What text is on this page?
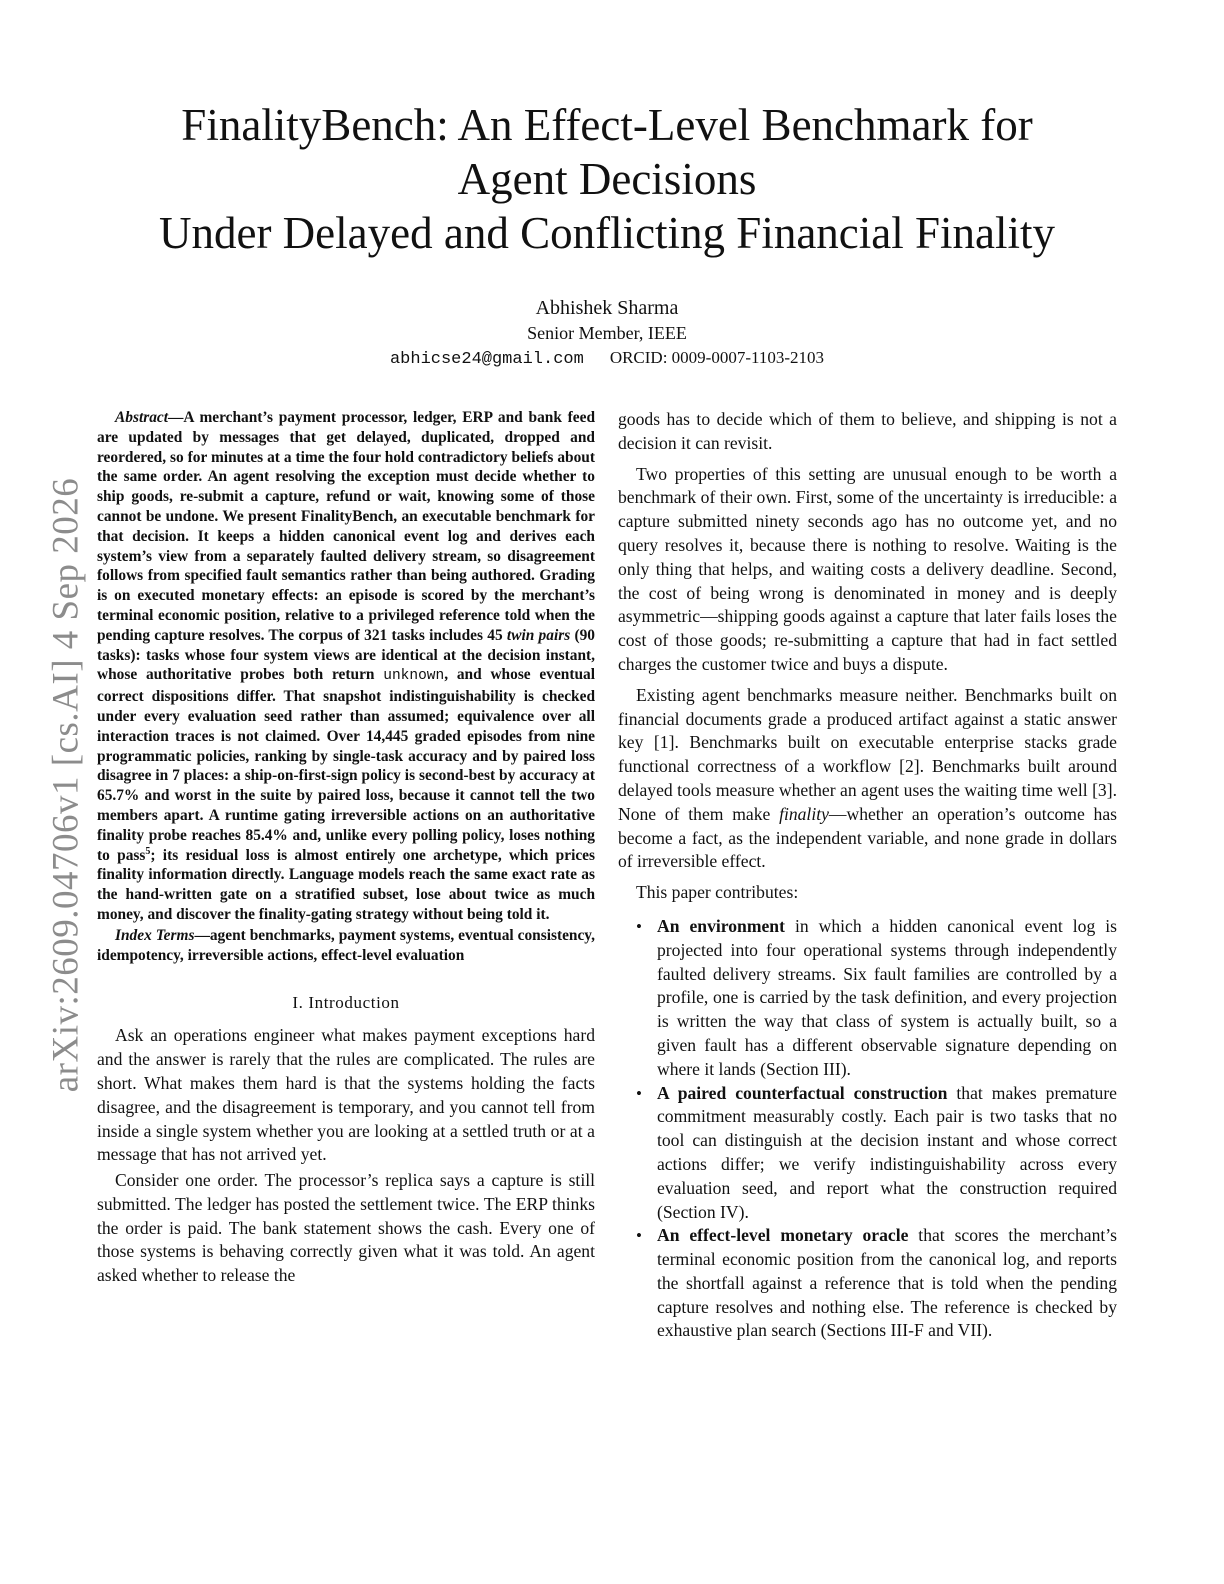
arXiv:2609.04706v1 [cs.AI] 4 Sep 2026
FinalityBench: An Effect-Level Benchmark for
Agent Decisions
Under Delayed and Conflicting Financial Finality
Abhishek Sharma
Senior Member, IEEE
abhicse24@gmail.com ORCID: 0009-0007-1103-2103

Abstract—A merchant’s payment processor, ledger, ERP and bank feed are updated by messages that get delayed, duplicated, dropped and reordered, so for minutes at a time the four hold contradictory beliefs about the same order. An agent resolving the exception must decide whether to ship goods, re-submit a capture, refund or wait, knowing some of those cannot be undone. We present FinalityBench, an executable benchmark for that decision. It keeps a hidden canonical event log and derives each system’s view from a separately faulted delivery stream, so disagreement follows from specified fault semantics rather than being authored. Grading is on executed monetary effects: an episode is scored by the merchant’s terminal economic position, relative to a privileged reference told when the pending capture resolves. The corpus of 321 tasks includes 45 twin pairs (90 tasks): tasks whose four system views are identical at the decision instant, whose authoritative probes both return unknown, and whose eventual correct dispositions differ. That snapshot indistinguishability is checked under every evaluation seed rather than assumed; equivalence over all interaction traces is not claimed. Over 14,445 graded episodes from nine programmatic policies, ranking by single-task accuracy and by paired loss disagree in 7 places: a ship-on-first-sign policy is second-best by accuracy at 65.7% and worst in the suite by paired loss, because it cannot tell the two members apart. A runtime gating irreversible actions on an authoritative finality probe reaches 85.4% and, unlike every polling policy, loses nothing to pass$^5$; its residual loss is almost entirely one archetype, which prices finality information directly. Language models reach the same exact rate as the hand-written gate on a stratified subset, lose about twice as much money, and discover the finality-gating strategy without being told it.

Index Terms—agent benchmarks, payment systems, eventual consistency, idempotency, irreversible actions, effect-level evaluation
I. Introduction

Ask an operations engineer what makes payment exceptions hard and the answer is rarely that the rules are complicated. The rules are short. What makes them hard is that the systems holding the facts disagree, and the disagreement is temporary, and you cannot tell from inside a single system whether you are looking at a settled truth or at a message that has not arrived yet.

Consider one order. The processor’s replica says a capture is still submitted. The ledger has posted the settlement twice. The ERP thinks the order is paid. The bank statement shows the cash. Every one of those systems is behaving correctly given what it was told. An agent asked whether to release the

goods has to decide which of them to believe, and shipping is not a decision it can revisit.

Two properties of this setting are unusual enough to be worth a benchmark of their own. First, some of the uncertainty is irreducible: a capture submitted ninety seconds ago has no outcome yet, and no query resolves it, because there is nothing to resolve. Waiting is the only thing that helps, and waiting costs a delivery deadline. Second, the cost of being wrong is denominated in money and is deeply asymmetric—shipping goods against a capture that later fails loses the cost of those goods; re-submitting a capture that had in fact settled charges the customer twice and buys a dispute.

Existing agent benchmarks measure neither. Benchmarks built on financial documents grade a produced artifact against a static answer key [1]. Benchmarks built on executable enterprise stacks grade functional correctness of a workflow [2]. Benchmarks built around delayed tools measure whether an agent uses the waiting time well [3]. None of them make finality—whether an operation’s outcome has become a fact, as the independent variable, and none grade in dollars of irreversible effect.

This paper contributes:

• An environment in which a hidden canonical event log is projected into four operational systems through independently faulted delivery streams. Six fault families are controlled by a profile, one is carried by the task definition, and every projection is written the way that class of system is actually built, so a given fault has a different observable signature depending on where it lands (Section III).
• A paired counterfactual construction that makes premature commitment measurably costly. Each pair is two tasks that no tool can distinguish at the decision instant and whose correct actions differ; we verify indistinguishability across every evaluation seed, and report what the construction required (Section IV).
• An effect-level monetary oracle that scores the merchant’s terminal economic position from the canonical log, and reports the shortfall against a reference that is told when the pending capture resolves and nothing else. The reference is checked by exhaustive plan search (Sections III-F and VII).
